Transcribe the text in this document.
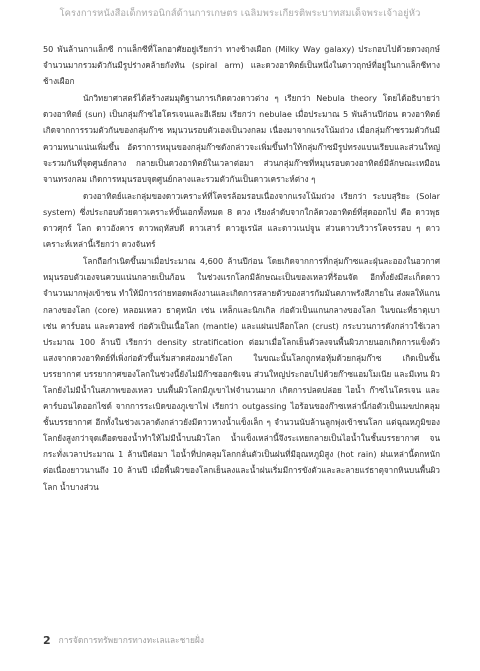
โครงการหนังสือเด็กทรอนิกส์ด้านการเกษตร เฉลิมพระเกียรติพระบาทสมเด็จพระเจ้าอยู่หัว

50 พันล้านกาแล็กซี กาแล็กซีที่โลกอาศัยอยู่เรียกว่า ทางช้างเผือก (Milky Way galaxy) ประกอบไปด้วยดวงฤกษ์จำนวนมากรวมตัวกันมีรูปร่างคล้ายกังหัน (spiral arm) และดวงอาทิตย์เป็นหนึ่งในดาวฤกษ์ที่อยู่ในกาแล็กซีทางช้างเผือก

นักวิทยาศาสตร์ได้สร้างสมมุติฐานการเกิดดวงดาวต่าง ๆ เรียกว่า Nebula theory โดยได้อธิบายว่า ดวงอาทิตย์ (sun) เป็นกลุ่มก๊าซไฮโดรเจนและฮีเลียม เรียกว่า nebulae เมื่อประมาณ 5 พันล้านปีก่อน ดวงอาทิตย์ เกิดจากการรวมตัวกันของกลุ่มก๊าซ หมุนวนรอบตัวเองเป็นวงกลม เนื่องมาจากแรงโน้มถ่วง เมื่อกลุ่มก๊าซรวมตัวกันมีความหนาแน่นเพิ่มขึ้น อัตราการหมุนของกลุ่มก๊าซดังกล่าวจะเพิ่มขึ้นทำให้กลุ่มก๊าซมีรูปทรงแบนเรียบและส่วนใหญ่จะรวมกันที่จุดศูนย์กลาง กลายเป็นดวงอาทิตย์ในเวลาต่อมา ส่วนกลุ่มก๊าซที่หมุนรอบดวงอาทิตย์มีลักษณะเหมือนจานทรงกลม เกิดการหมุนรอบจุดศูนย์กลางและรวมตัวกันเป็นดาวเคราะห์ต่าง ๆ

ดวงอาทิตย์และกลุ่มของดาวเคราะห์ที่โคจรล้อมรอบเนื่องจากแรงโน้มถ่วง เรียกว่า ระบบสุริยะ (Solar system) ซึ่งประกอบด้วยดาวเคราะห์ขั้นเอกทั้งหมด 8 ดวง เรียงลำดับจากใกล้ดวงอาทิตย์ที่สุดออกไป คือ ดาวพุธ ดาวศุกร์ โลก ดาวอังคาร ดาวพฤหัสบดี ดาวเสาร์ ดาวยูเรนัส และดาวเนปจูน ส่วนดาวบริวารโคจรรอบ ๆ ดาวเคราะห์เหล่านี้เรียกว่า ดวงจันทร์

โลกถือกำเนิดขึ้นมาเมื่อประมาณ 4,600 ล้านปีก่อน โดยเกิดจากการที่กลุ่มก๊าซและฝุ่นละอองในอวกาศหมุนรอบตัวเองจนควบแน่นกลายเป็นก้อน ในช่วงแรกโลกมีลักษณะเป็นของเหลวที่ร้อนจัด อีกทั้งยังมีสะเก็ดดาวจำนวนมากพุ่งเข้าชน ทำให้มีการถ่ายทอดพลังงานและเกิดการสลายตัวของสารกัมมันตภาพรังสีภายใน ส่งผลให้แกนกลางของโลก (core) หลอมเหลว ธาตุหนัก เช่น เหล็กและนิกเกิล ก่อตัวเป็นแกนกลางของโลก ในขณะที่ธาตุเบา เช่น คาร์บอน และควอทซ์ ก่อตัวเป็นเนื้อโลก (mantle) และแผ่นเปลือกโลก (crust) กระบวนการดังกล่าวใช้เวลาประมาณ 100 ล้านปี เรียกว่า density stratification ต่อมาเมื่อโลกเย็นตัวลงจนพื้นผิวภายนอกเกิดการแข็งตัว แสงจากดวงอาทิตย์ที่เพิ่งก่อตัวขึ้นเริ่มสาดส่องมายังโลก ในขณะนั้นโลกถูกห่อหุ้มด้วยกลุ่มก๊าซ เกิดเป็นชั้นบรรยากาศ บรรยากาศของโลกในช่วงนี้ยังไม่มีก๊าซออกซิเจน ส่วนใหญ่ประกอบไปด้วยก๊าซแอมโมเนีย และมีเทน ผิวโลกยังไม่มีน้ำในสภาพของเหลว บนพื้นผิวโลกมีภูเขาไฟจำนวนมาก เกิดการปลดปล่อย ไอน้ำ ก๊าซไนโตรเจน และคาร์บอนไดออกไซด์ จากการระเบิดของภูเขาไฟ เรียกว่า outgassing ไอร้อนของก๊าซเหล่านี้ก่อตัวเป็นเมฆปกคลุมชั้นบรรยากาศ อีกทั้งในช่วงเวลาดังกล่าวยังมีดาวหางน้ำแข็งเล็ก ๆ จำนวนนับล้านลูกพุ่งเข้าชนโลก แต่ฉุณหภูมิของโลกยังสูงกว่าจุดเดือดของน้ำทำให้ไม่มีน้ำบนผิวโลก น้ำแข็งเหล่านี้จึงระเหยกลายเป็นไอน้ำในชั้นบรรยากาศ จนกระทั่งเวลาประมาณ 1 ล้านปีต่อมา ไอน้ำที่ปกคลุมโลกกลั่นตัวเป็นฝนที่มีอุณหภูมิสูง (hot rain) ฝนเหล่านี้ตกหนักต่อเนื่องยาวนานถึง 10 ล้านปี เมื่อพื้นผิวของโลกเย็นลงและน้ำฝนเริ่มมีการขังตัวและละลายแร่ธาตุจากหินบนพื้นผิวโลก น้ำบางส่วน

2 การจัดการทรัพยากรทางทะเลและชายฝั่ง
